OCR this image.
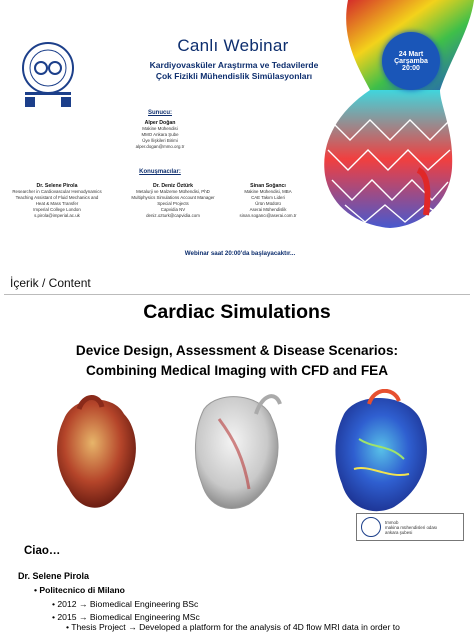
Canlı Webinar
Kardiyovasküler Araştırma ve Tedavilerde
Çok Fizikli Mühendislik Simülasyonları
24 Mart
Çarşamba
20:00
Sunucu:
Alper Doğan
Makine Mühendisi
MMO Ankara Şube
Üye İlişkileri Birimi
alper.dogan@mmo.org.tr
Konuşmacılar:
Dr. Selene Pirola
Researcher in Cardiovascular Hemodynamics
Teaching Assistant of Fluid Mechanics and
Heat & Mass Transfer
Imperial College London
s.pirola@imperial.ac.uk
Dr. Deniz Öztürk
Metalurji ve Malzeme Mühendisi, PhD
Multiphysics Simulations Account Manager
Special Projects
Capvidia NV
deniz.ozturk@capvidia.com
Sinan Soğancı
Makine Mühendisi, MBA
CAE Takım Lideri
Ürün Müdürü
Aserai Mühendislik
sinan.sogancı@aserai.com.tr
Webinar saat 20:00'da başlayacaktır...
İçerik / Content
Cardiac Simulations
Device Design, Assessment & Disease Scenarios:
Combining Medical Imaging with CFD and FEA
tmmob
makina mühendisleri odası
ankara şubesi
Ciao…
Dr. Selene Pirola
• Politecnico di Milano
• 2012 → Biomedical Engineering BSc
• 2015 → Biomedical Engineering MSc
• Thesis Project → Developed a platform for the analysis of 4D flow MRI data in order to
